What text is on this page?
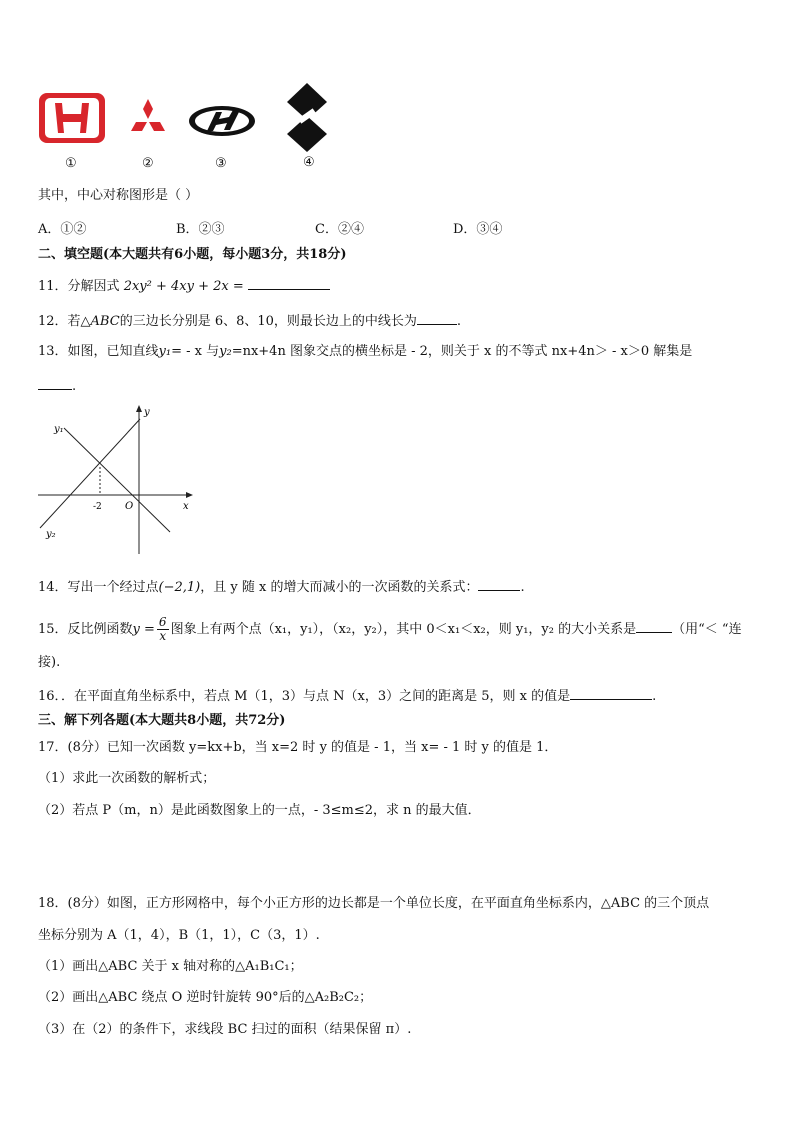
①	②	③	④
其中，中心对称图形是（ ）
A．①②	B．②③	C．②④	D．③④
二、填空题(本大题共有6小题，每小题3分，共18分)
11．分解因式 2xy² + 4xy + 2x =
12．若△ABC的三边长分别是 6、8、10，则最长边上的中线长为	.
13．如图，已知直线y₁= - x 与y₂=nx+4n 图象交点的横坐标是 - 2，则关于 x 的不等式 nx+4n＞ - x＞0 解集是
.
y₁
y₂
x
y
O
-2
14．写出一个经过点(−2,1)，且 y 随 x 的增大而减小的一次函数的关系式：	.
15．反比例函数$y = \frac{6}{x}$ 图象上有两个点（x₁，y₁），（x₂，y₂），其中 0＜x₁＜x₂，则 y₁，y₂ 的大小关系是	（用“＜ “连
接).
16．．在平面直角坐标系中，若点 M（1，3）与点 N（x，3）之间的距离是 5，则 x 的值是	.
三、解下列各题(本大题共8小题，共72分)
17．(8分）已知一次函数 y=kx+b，当 x=2 时 y 的值是 - 1，当 x= - 1 时 y 的值是 1．
（1）求此一次函数的解析式；
（2）若点 P（m，n）是此函数图象上的一点，- 3≤m≤2，求 n 的最大值．
18．(8分）如图，正方形网格中，每个小正方形的边长都是一个单位长度，在平面直角坐标系内，△ABC 的三个顶点
坐标分别为 A（1，4），B（1，1），C（3，1）.
（1）画出△ABC 关于 x 轴对称的△A₁B₁C₁；
（2）画出△ABC 绕点 O 逆时针旋转 90°后的△A₂B₂C₂；
（3）在（2）的条件下，求线段 BC 扫过的面积（结果保留 π）.
